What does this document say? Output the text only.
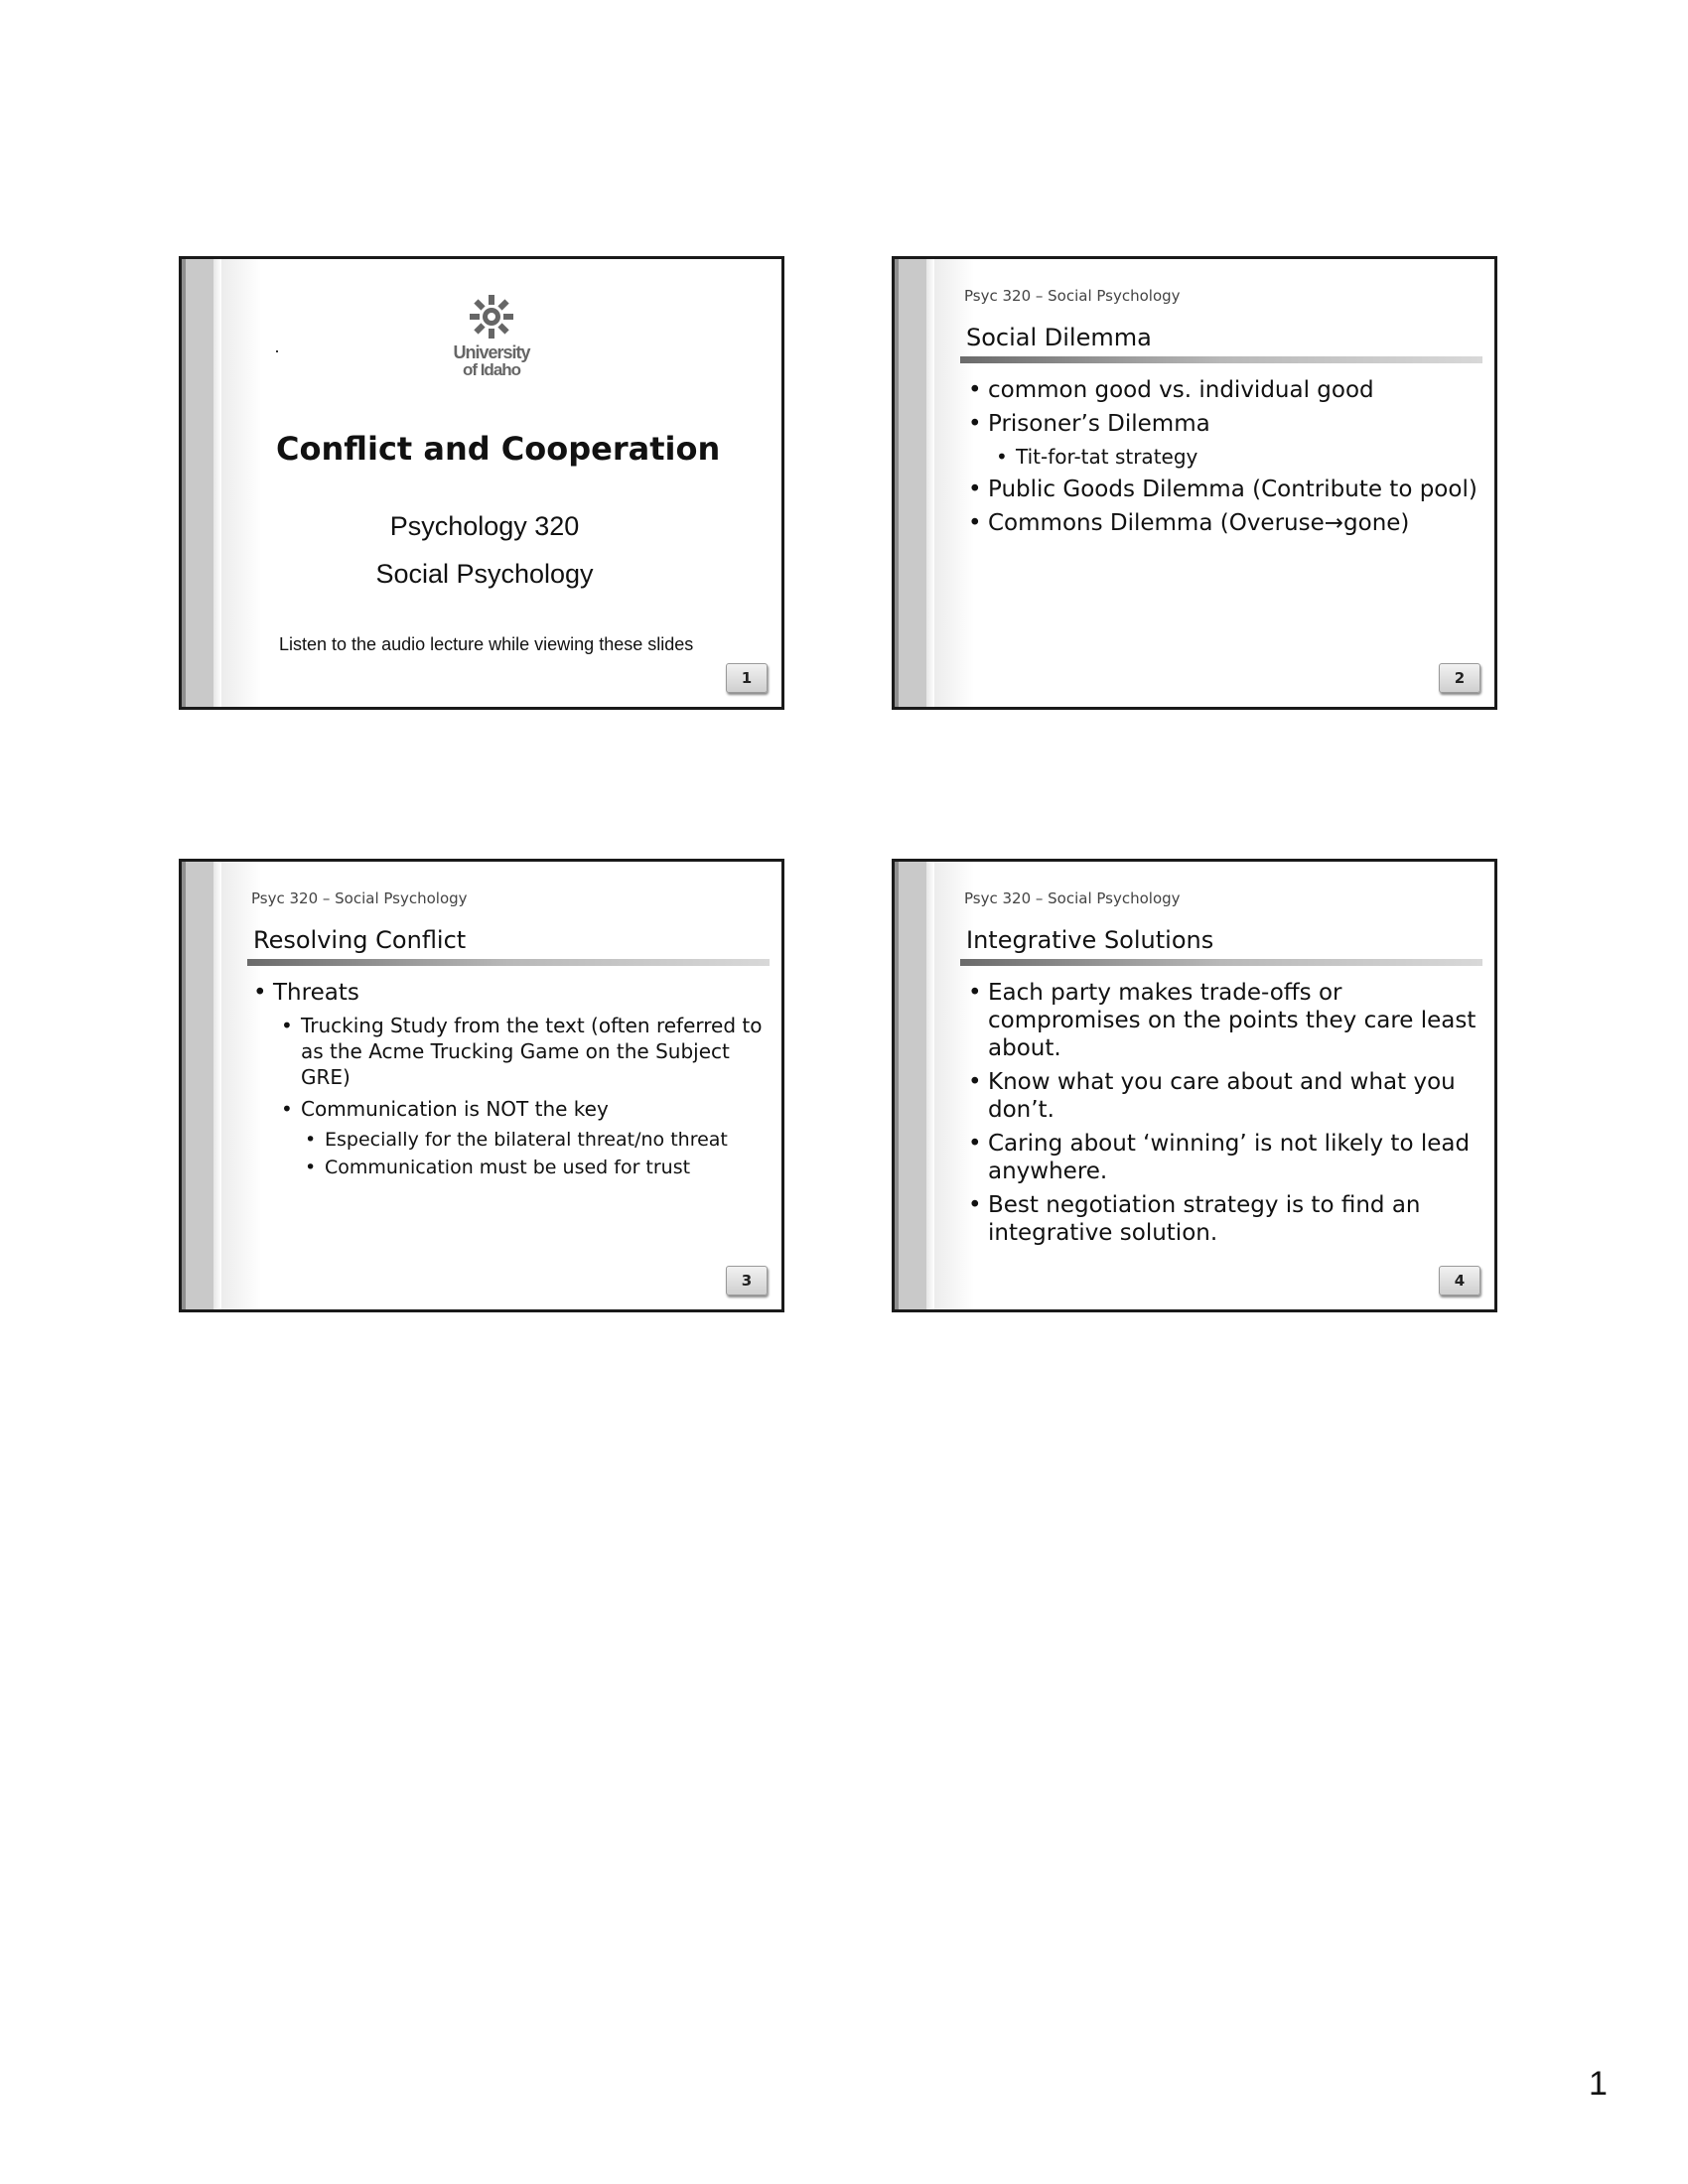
University
of Idaho
Conflict and Cooperation
Psychology 320
Social Psychology
Listen to the audio lecture while viewing these slides
1
Psyc 320 – Social Psychology
Social Dilemma
• common good vs. individual good
• Prisoner’s Dilemma
• Tit-for-tat strategy
• Public Goods Dilemma (Contribute to pool)
• Commons Dilemma (Overuse→gone)
2
Psyc 320 – Social Psychology
Resolving Conflict
• Threats
• Trucking Study from the text (often referred to as the Acme Trucking Game on the Subject GRE)
• Communication is NOT the key
• Especially for the bilateral threat/no threat
• Communication must be used for trust
3
Psyc 320 – Social Psychology
Integrative Solutions
• Each party makes trade-offs or compromises on the points they care least about.
• Know what you care about and what you don’t.
• Caring about ‘winning’ is not likely to lead anywhere.
• Best negotiation strategy is to find an integrative solution.
4
1
